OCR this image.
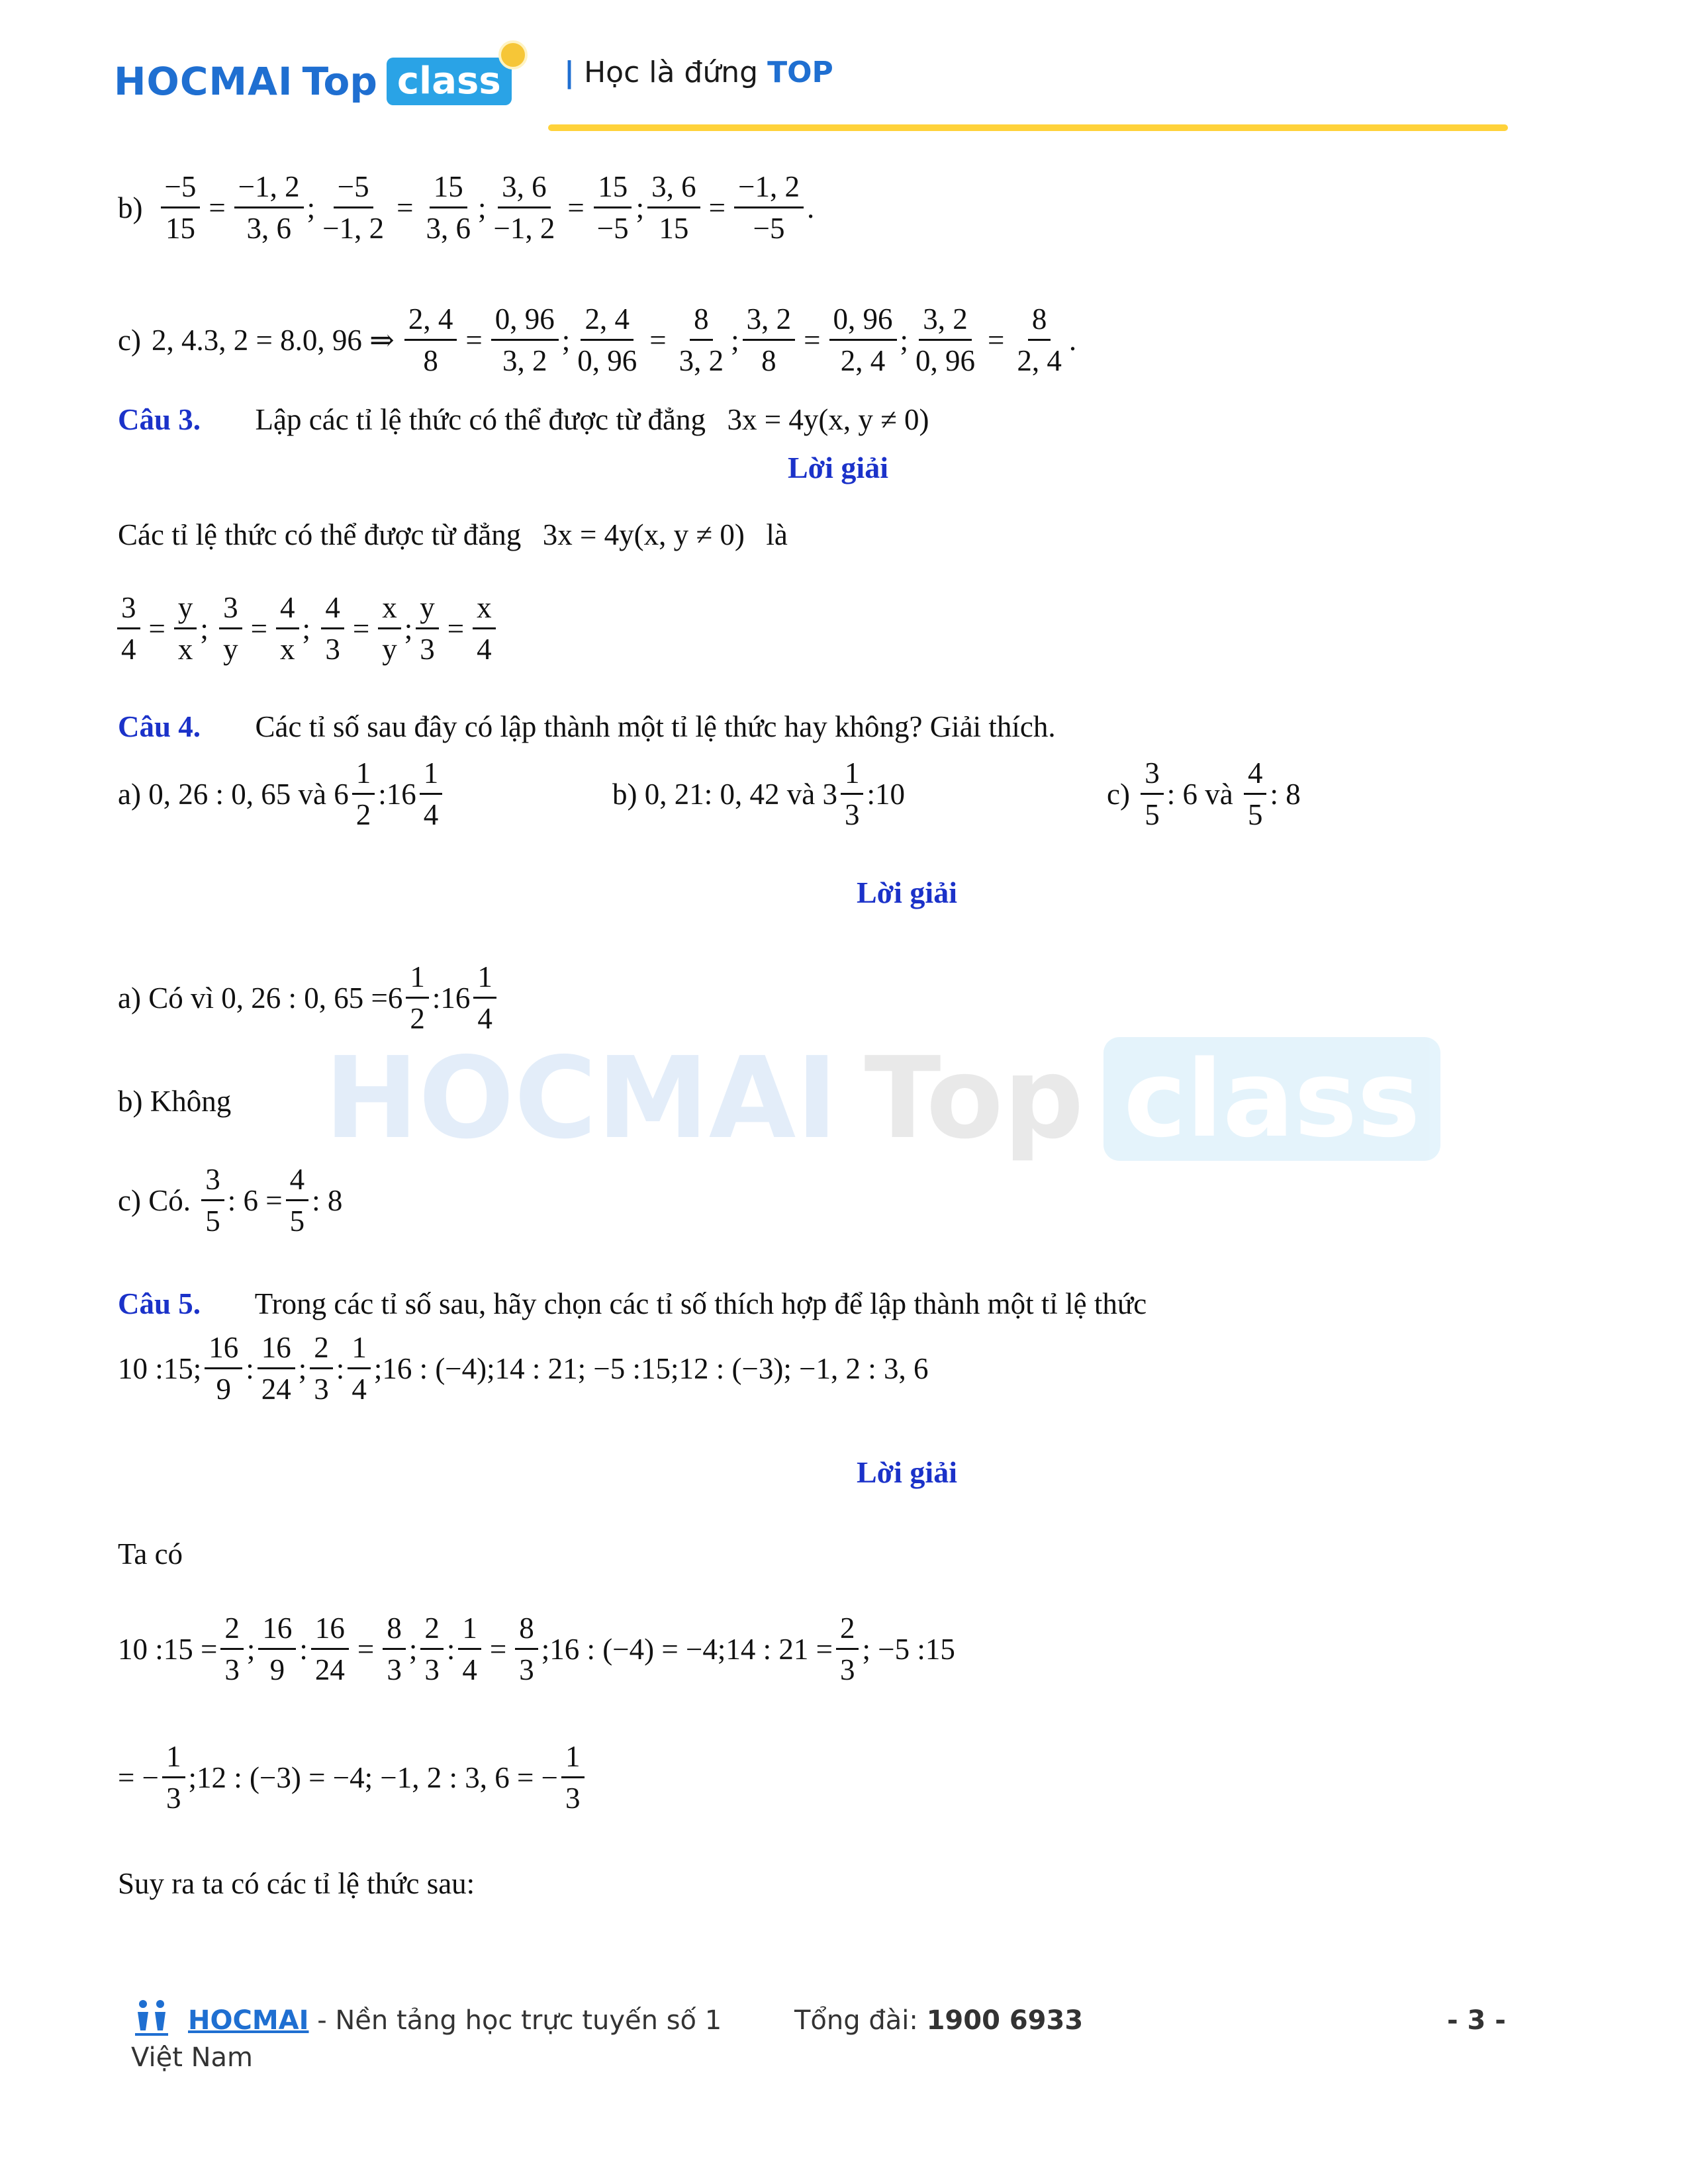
HOCMAI Top class	| Học là đứng TOP
HOCMAI Top class
$b) \frac{-5}{15} = \frac{-1, 2}{3, 6}$ ; $\frac{-5}{-1, 2} = \frac{15}{3, 6}$ ; $\frac{3, 6}{-1, 2} = \frac{15}{-5}$ ; $\frac{3, 6}{15} = \frac{-1, 2}{-5}$ .
c) 2, 4.3, 2 = 8.0, 96 ⇒ $\frac{2, 4}{8} = \frac{0, 96}{3, 2}$ ; $\frac{2, 4}{0, 96} = \frac{8}{3, 2}$ ; $\frac{3, 2}{8} = \frac{0, 96}{2, 4}$ ; $\frac{3, 2}{0, 96} = \frac{8}{2, 4}$ .
Câu 3. Lập các tỉ lệ thức có thể được từ đẳng 3x = 4y(x, y ≠ 0)
Lời giải
Các tỉ lệ thức có thể được từ đẳng 3x = 4y(x, y ≠ 0) là
$\frac{3}{4} = \frac{y}{x}$ ; $\frac{3}{y} = \frac{4}{x}$ ; $\frac{4}{3} = \frac{x}{y}$ ; $\frac{y}{3} = \frac{x}{4}$
Câu 4. Các tỉ số sau đây có lập thành một tỉ lệ thức hay không? Giải thích.
a)
0, 26 : 0, 65 và
$6 \frac{1}{2}$ : $16 \frac{1}{4}$	b)
0, 21: 0, 42 và
$3 \frac{1}{3}$ :10	c)
$\frac{3}{5}$ : 6 và
$\frac{4}{5}$ : 8
Lời giải
a) Có vì
0, 26 : 0, $65 = 6 \frac{1}{2}$ : $16 \frac{1}{4}$
b) Không
c) Có.
$\frac{3}{5}$ : $6 = \frac{4}{5}$ : 8
Câu 5. Trong các tỉ số sau, hãy chọn các tỉ số thích hợp để lập thành một tỉ lệ thức
10 :15; $\frac{16}{9}$ : $\frac{16}{24}$ ; $\frac{2}{3}$ : $\frac{1}{4}$ ;16 : (−4);14 : 21; −5 :15;12 : (−3); −1, 2 : 3, 6
Lời giải
Ta có
10 :15 = $\frac{2}{3}$ ; $\frac{16}{9}$ : $\frac{16}{24} = \frac{8}{3}$ ; $\frac{2}{3}$ : $\frac{1}{4} = \frac{8}{3}$ ;16 : (−4) = −4;14 : $21 = \frac{2}{3}$ ; −5 :15
= − $\frac{1}{3}$ ;12 : (−3) = −4; −1, 2 : 3, 6 = − $\frac{1}{3}$
Suy ra ta có các tỉ lệ thức sau:
HOCMAI - Nền tảng học trực tuyến số 1
Việt Nam
Tổng đài: 1900 6933	- 3 -
